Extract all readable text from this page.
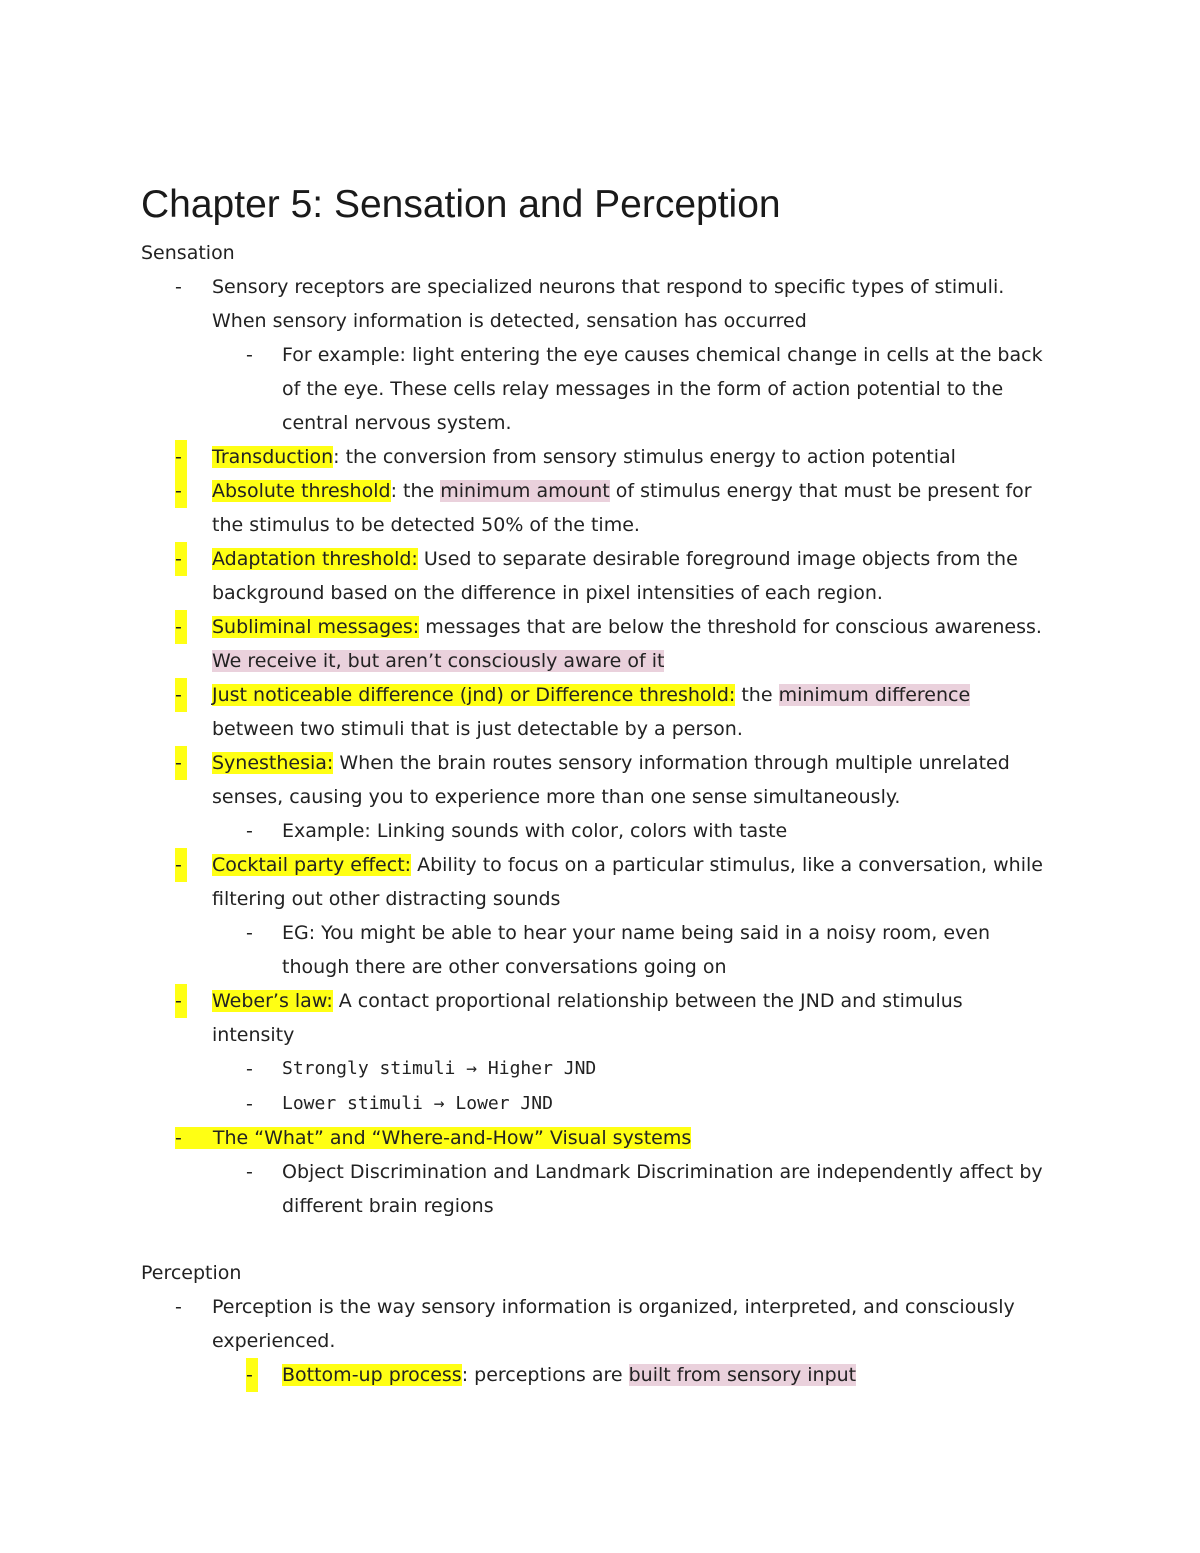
Chapter 5: Sensation and Perception
Sensation
- Sensory receptors are specialized neurons that respond to specific types of stimuli.
When sensory information is detected, sensation has occurred
- For example: light entering the eye causes chemical change in cells at the back
of the eye. These cells relay messages in the form of action potential to the
central nervous system.
- Transduction: the conversion from sensory stimulus energy to action potential
- Absolute threshold: the minimum amount of stimulus energy that must be present for
the stimulus to be detected 50% of the time.
- Adaptation threshold: Used to separate desirable foreground image objects from the
background based on the difference in pixel intensities of each region.
- Subliminal messages: messages that are below the threshold for conscious awareness.
We receive it, but aren’t consciously aware of it
- Just noticeable difference (jnd) or Difference threshold: the minimum difference
between two stimuli that is just detectable by a person.
- Synesthesia: When the brain routes sensory information through multiple unrelated
senses, causing you to experience more than one sense simultaneously.
- Example: Linking sounds with color, colors with taste
- Cocktail party effect: Ability to focus on a particular stimulus, like a conversation, while
filtering out other distracting sounds
- EG: You might be able to hear your name being said in a noisy room, even
though there are other conversations going on
- Weber’s law: A contact proportional relationship between the JND and stimulus
intensity
- Strongly stimuli → Higher JND
- Lower stimuli → Lower JND
- The “What” and “Where-and-How” Visual systems
- Object Discrimination and Landmark Discrimination are independently affect by
different brain regions
Perception
- Perception is the way sensory information is organized, interpreted, and consciously
experienced.
- Bottom-up process: perceptions are built from sensory input
